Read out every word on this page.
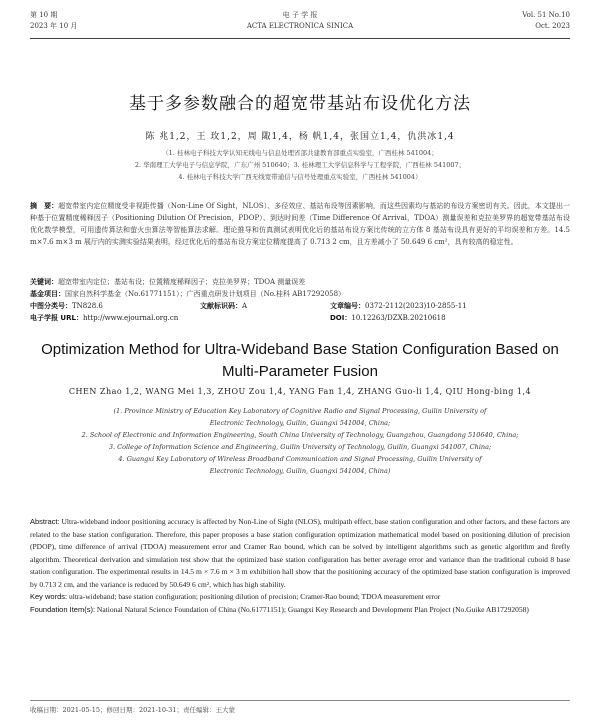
第 10 期
2023 年 10 月
电 子 学 报
ACTA ELECTRONICA SINICA
Vol. 51 No.10
Oct. 2023
基于多参数融合的超宽带基站布设优化方法
陈 兆1,2，王 玫1,2，周 陬1,4，杨 帆1,4，张国立1,4，仇洪冰1,4
（1. 桂林电子科技大学认知无线电与信息处理省部共建教育部重点实验室，广西桂林 541004；
2. 华南理工大学电子与信息学院，广东广州 510640；3. 桂林理工大学信息科学与工程学院，广西桂林 541007；
4. 桂林电子科技大学广西无线宽带通信与信号处理重点实验室，广西桂林 541004）
摘　要：超宽带室内定位精度受非视距传播（Non-Line Of Sight，NLOS）、多径效应、基站布设等因素影响，而这些因素均与基站的布设方案密切有关。因此，本文提出一种基于位置精度稀释因子（Positioning Dilution Of Precision，PDOP）、到达时间差（Time Difference Of Arrival，TDOA）测量误差和克拉美罗界的超宽带基站布设优化数学模型，可用遗传算法和萤火虫算法等智能算法求解。理论推导和仿真测试表明优化后的基站布设方案比传统的立方体 8 基站布设具有更好的平均误差和方差。14.5 m×7.6 m×3 m 展厅内的实测实验结果表明，经过优化后的基站布设方案定位精度提高了 0.713 2 cm，且方差减小了 50.649 6 cm²，具有较高的稳定性。
关键词：超宽带室内定位；基站布设；位置精度稀释因子；克拉美罗界；TDOA 测量误差
基金项目：国家自然科学基金（No.61771151）；广西重点研发计划项目（No.桂科 AB17292058）
中图分类号：TN828.6	文献标识码：A	文章编号：0372-2112(2023)10-2855-11
电子学报 URL：http://www.ejournal.org.cn	DOI：10.12263/DZXB.20210618
Optimization Method for Ultra-Wideband Base Station Configuration Based on Multi-Parameter Fusion
CHEN Zhao 1,2, WANG Mei 1,3, ZHOU Zou 1,4, YANG Fan 1,4, ZHANG Guo-li 1,4, QIU Hong-bing 1,4
(1. Province Ministry of Education Key Laboratory of Cognitive Radio and Signal Processing, Guilin University of
Electronic Technology, Guilin, Guangxi 541004, China;
2. School of Electronic and Information Engineering, South China University of Technology, Guangzhou, Guangdong 510640, China;
3. College of Information Science and Engineering, Guilin University of Technology, Guilin, Guangxi 541007, China;
4. Guangxi Key Laboratory of Wireless Broadband Communication and Signal Processing, Guilin University of
Electronic Technology, Guilin, Guangxi 541004, China)
Abstract: Ultra-wideband indoor positioning accuracy is affected by Non-Line of Sight (NLOS), multipath effect, base station configuration and other factors, and these factors are related to the base station configuration. Therefore, this paper proposes a base station configuration optimization mathematical model based on positioning dilution of precision (PDOP), time difference of arrival (TDOA) measurement error and Cramer Rao bound, which can be solved by intelligent algorithms such as genetic algorithm and firefly algorithm. Theoretical derivation and simulation test show that the optimized base station configuration has better average error and variance than the traditional cuboid 8 base station configuration. The experimental results in 14.5 m × 7.6 m × 3 m exhibition hall show that the positioning accuracy of the optimized base station configuration is improved by 0.713 2 cm, and the variance is reduced by 50.649 6 cm², which has high stability.
Key words: ultra-wideband; base station configuration; positioning dilution of precision; Cramer-Rao bound; TDOA measurement error
Foundation Item(s): National Natural Science Foundation of China (No.61771151); Guangxi Key Research and Development Plan Project (No.Guike AB17292058)
收稿日期：2021-05-15；修回日期：2021-10-31；责任编辑：王大蒙
